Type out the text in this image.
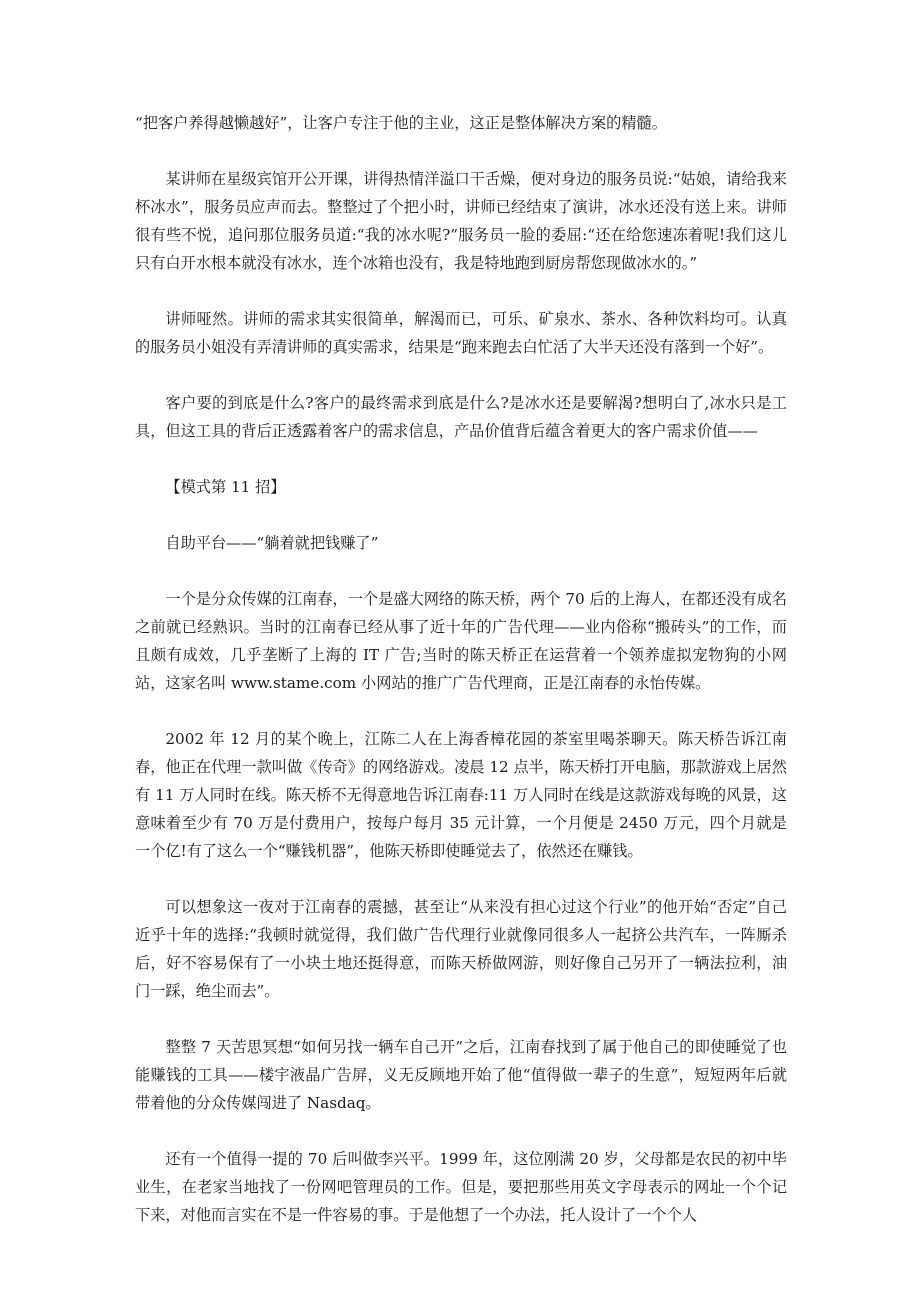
“把客户养得越懒越好”，让客户专注于他的主业，这正是整体解决方案的精髓。

某讲师在星级宾馆开公开课，讲得热情洋溢口干舌燥，便对身边的服务员说:“姑娘，请给我来杯冰水”，服务员应声而去。整整过了个把小时，讲师已经结束了演讲，冰水还没有送上来。讲师很有些不悦，追问那位服务员道:“我的冰水呢?”服务员一脸的委屈:“还在给您速冻着呢!我们这儿只有白开水根本就没有冰水，连个冰箱也没有，我是特地跑到厨房帮您现做冰水的。”

讲师哑然。讲师的需求其实很简单，解渴而已，可乐、矿泉水、茶水、各种饮料均可。认真的服务员小姐没有弄清讲师的真实需求，结果是“跑来跑去白忙活了大半天还没有落到一个好”。

客户要的到底是什么?客户的最终需求到底是什么?是冰水还是要解渴?想明白了,冰水只是工具，但这工具的背后正透露着客户的需求信息，产品价值背后蕴含着更大的客户需求价值——

【模式第 11 招】

自助平台——“躺着就把钱赚了”

一个是分众传媒的江南春，一个是盛大网络的陈天桥，两个 70 后的上海人，在都还没有成名之前就已经熟识。当时的江南春已经从事了近十年的广告代理——业内俗称“搬砖头”的工作，而且颇有成效，几乎垄断了上海的 IT 广告;当时的陈天桥正在运营着一个领养虚拟宠物狗的小网站，这家名叫 www.stame.com 小网站的推广广告代理商，正是江南春的永怡传媒。

2002 年 12 月的某个晚上，江陈二人在上海香樟花园的茶室里喝茶聊天。陈天桥告诉江南春，他正在代理一款叫做《传奇》的网络游戏。凌晨 12 点半，陈天桥打开电脑，那款游戏上居然有 11 万人同时在线。陈天桥不无得意地告诉江南春:11 万人同时在线是这款游戏每晚的风景，这意味着至少有 70 万是付费用户，按每户每月 35 元计算，一个月便是 2450 万元，四个月就是一个亿!有了这么一个“赚钱机器”，他陈天桥即使睡觉去了，依然还在赚钱。

可以想象这一夜对于江南春的震撼，甚至让“从来没有担心过这个行业”的他开始“否定”自己近乎十年的选择:“我顿时就觉得，我们做广告代理行业就像同很多人一起挤公共汽车，一阵厮杀后，好不容易保有了一小块土地还挺得意，而陈天桥做网游，则好像自己另开了一辆法拉利，油门一踩，绝尘而去”。

整整 7 天苦思冥想“如何另找一辆车自己开”之后，江南春找到了属于他自己的即使睡觉了也能赚钱的工具——楼宇液晶广告屏，义无反顾地开始了他“值得做一辈子的生意”，短短两年后就带着他的分众传媒闯进了 Nasdaq。

还有一个值得一提的 70 后叫做李兴平。1999 年，这位刚满 20 岁，父母都是农民的初中毕业生，在老家当地找了一份网吧管理员的工作。但是，要把那些用英文字母表示的网址一个个记下来，对他而言实在不是一件容易的事。于是他想了一个办法，托人设计了一个个人
